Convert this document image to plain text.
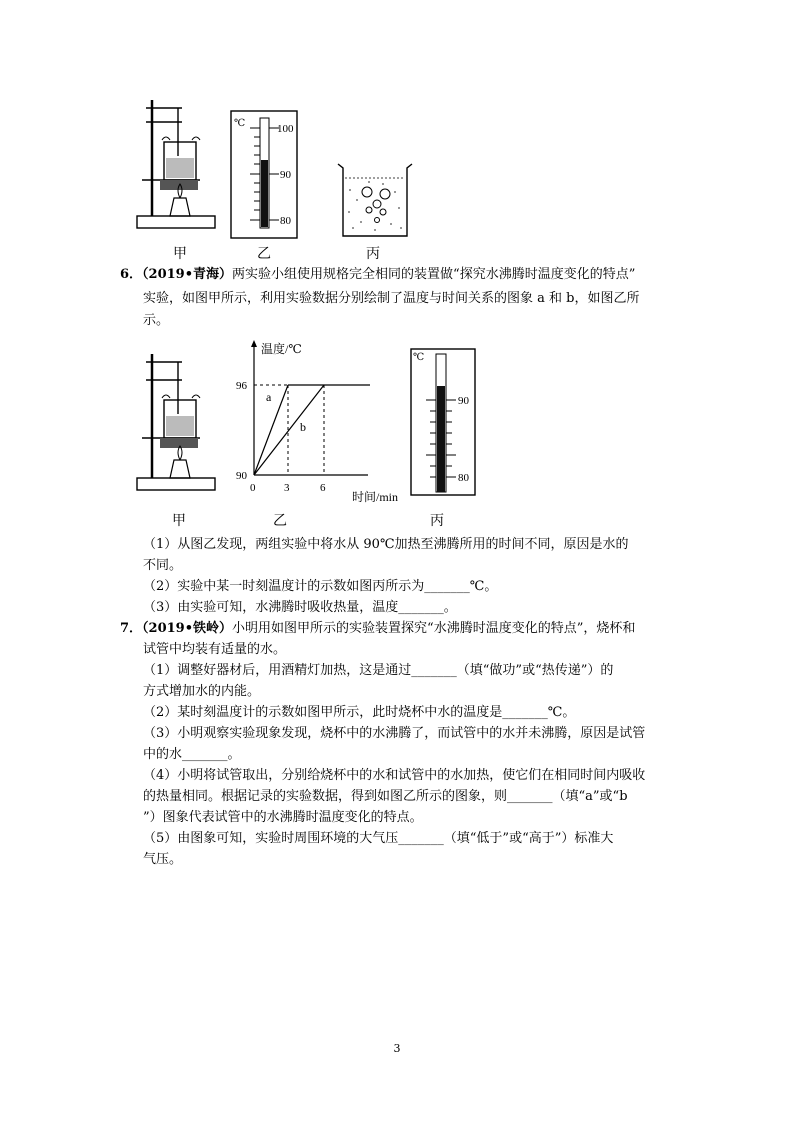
℃	100
90
80
甲	乙	丙
6．（2019•青海）两实验小组使用规格完全相同的装置做“探究水沸腾时温度变化的特点”
实验，如图甲所示，利用实验数据分别绘制了温度与时间关系的图象 a 和 b，如图乙所
示。
温度/℃
96
90
0	3	6
时间/min
a
b
℃
90
80
甲	乙	丙
（1）从图乙发现，两组实验中将水从 90℃加热至沸腾所用的时间不同，原因是水的
不同。
（2）实验中某一时刻温度计的示数如图丙所示为_______℃。
（3）由实验可知，水沸腾时吸收热量，温度_______。
7．（2019•铁岭）小明用如图甲所示的实验装置探究“水沸腾时温度变化的特点”，烧杯和
试管中均装有适量的水。
（1）调整好器材后，用酒精灯加热，这是通过_______（填“做功”或“热传递”）的
方式增加水的内能。
（2）某时刻温度计的示数如图甲所示，此时烧杯中水的温度是_______℃。
（3）小明观察实验现象发现，烧杯中的水沸腾了，而试管中的水并未沸腾，原因是试管
中的水_______。
（4）小明将试管取出，分别给烧杯中的水和试管中的水加热，使它们在相同时间内吸收
的热量相同。根据记录的实验数据，得到如图乙所示的图象，则_______（填“a”或“b
”）图象代表试管中的水沸腾时温度变化的特点。
（5）由图象可知，实验时周围环境的大气压_______（填“低于”或“高于”）标准大
气压。
3
